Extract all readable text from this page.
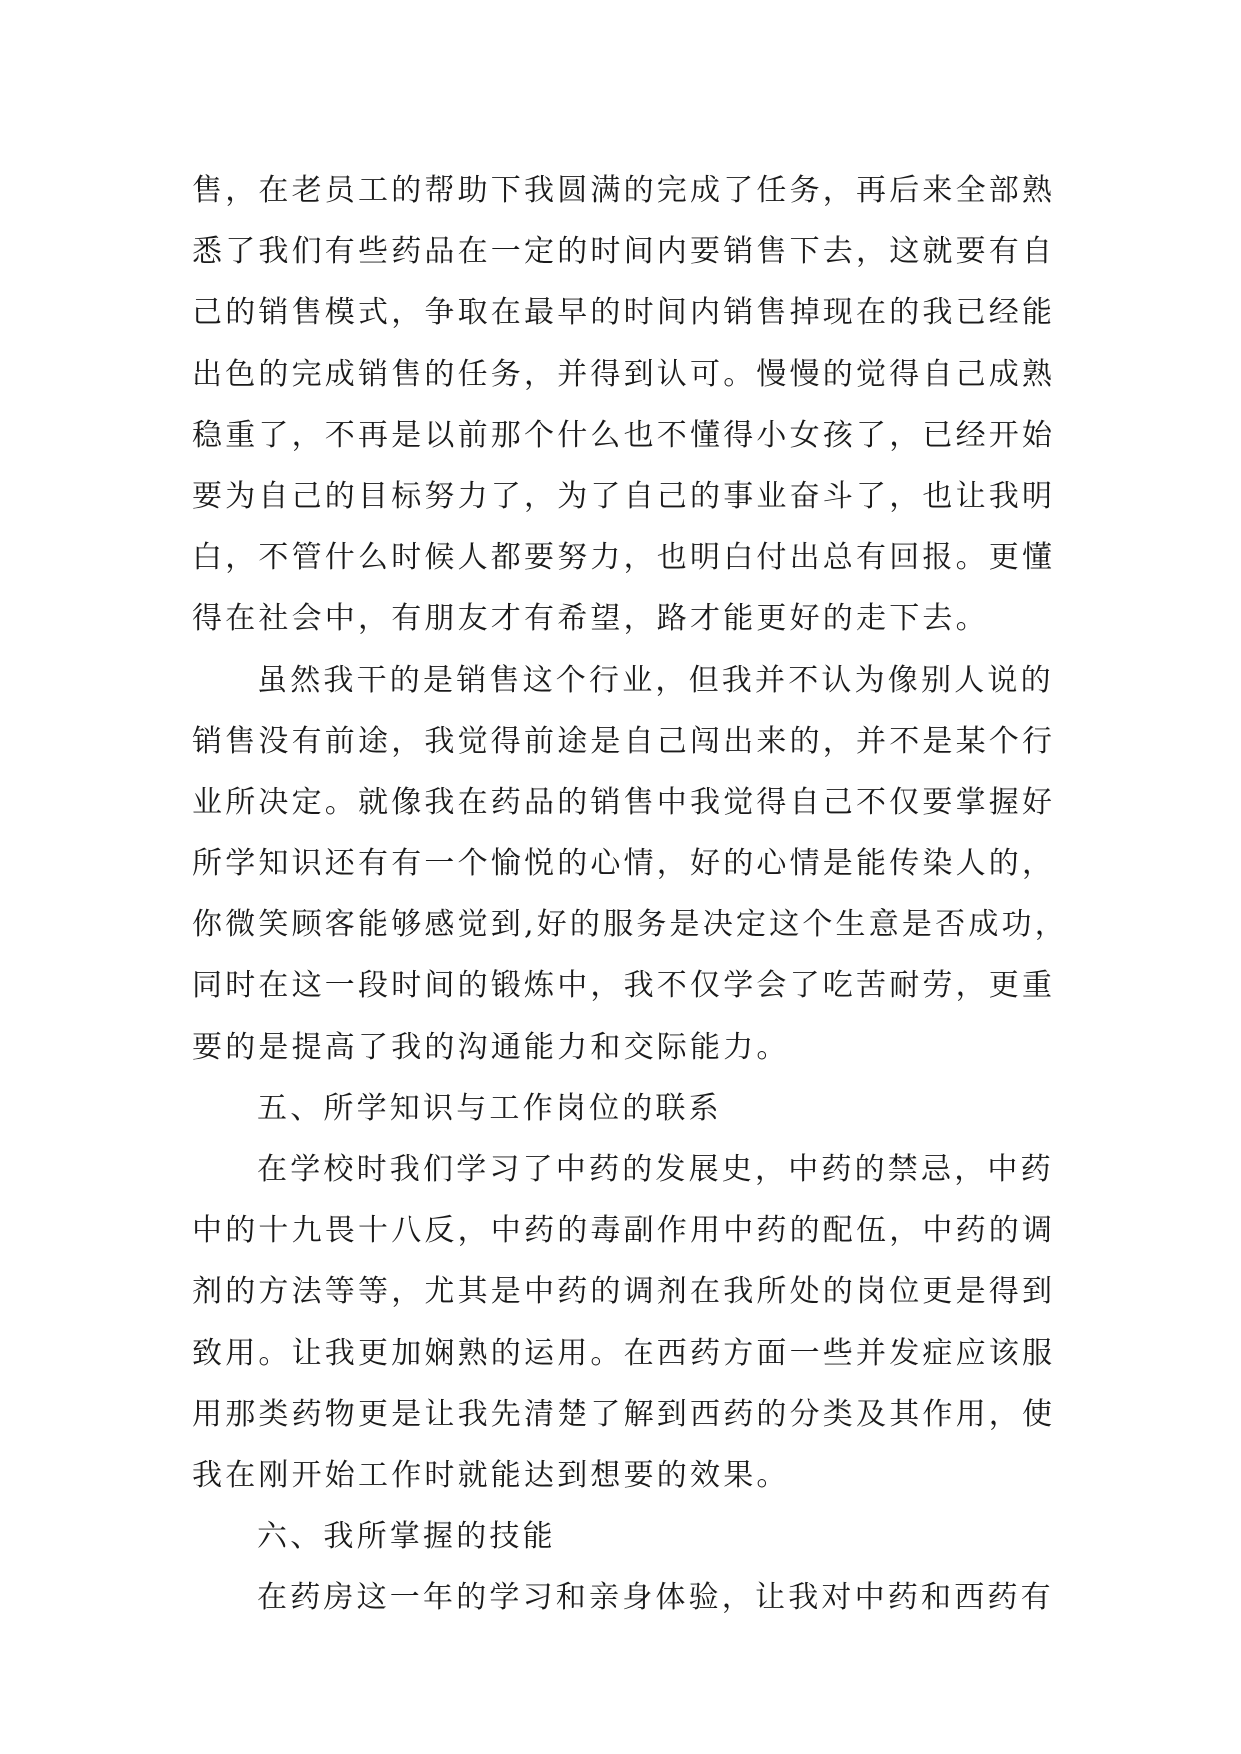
售，在老员工的帮助下我圆满的完成了任务，再后来全部熟
悉了我们有些药品在一定的时间内要销售下去，这就要有自
己的销售模式，争取在最早的时间内销售掉现在的我已经能
出色的完成销售的任务，并得到认可。慢慢的觉得自己成熟
稳重了，不再是以前那个什么也不懂得小女孩了，已经开始
要为自己的目标努力了，为了自己的事业奋斗了，也让我明
白，不管什么时候人都要努力，也明白付出总有回报。更懂
得在社会中，有朋友才有希望，路才能更好的走下去。
虽然我干的是销售这个行业，但我并不认为像别人说的
销售没有前途，我觉得前途是自己闯出来的，并不是某个行
业所决定。就像我在药品的销售中我觉得自己不仅要掌握好
所学知识还有有一个愉悦的心情，好的心情是能传染人的，
你微笑顾客能够感觉到,好的服务是决定这个生意是否成功，
同时在这一段时间的锻炼中，我不仅学会了吃苦耐劳，更重
要的是提高了我的沟通能力和交际能力。
五、所学知识与工作岗位的联系
在学校时我们学习了中药的发展史，中药的禁忌，中药
中的十九畏十八反，中药的毒副作用中药的配伍，中药的调
剂的方法等等，尤其是中药的调剂在我所处的岗位更是得到
致用。让我更加娴熟的运用。在西药方面一些并发症应该服
用那类药物更是让我先清楚了解到西药的分类及其作用，使
我在刚开始工作时就能达到想要的效果。
六、我所掌握的技能
在药房这一年的学习和亲身体验，让我对中药和西药有
